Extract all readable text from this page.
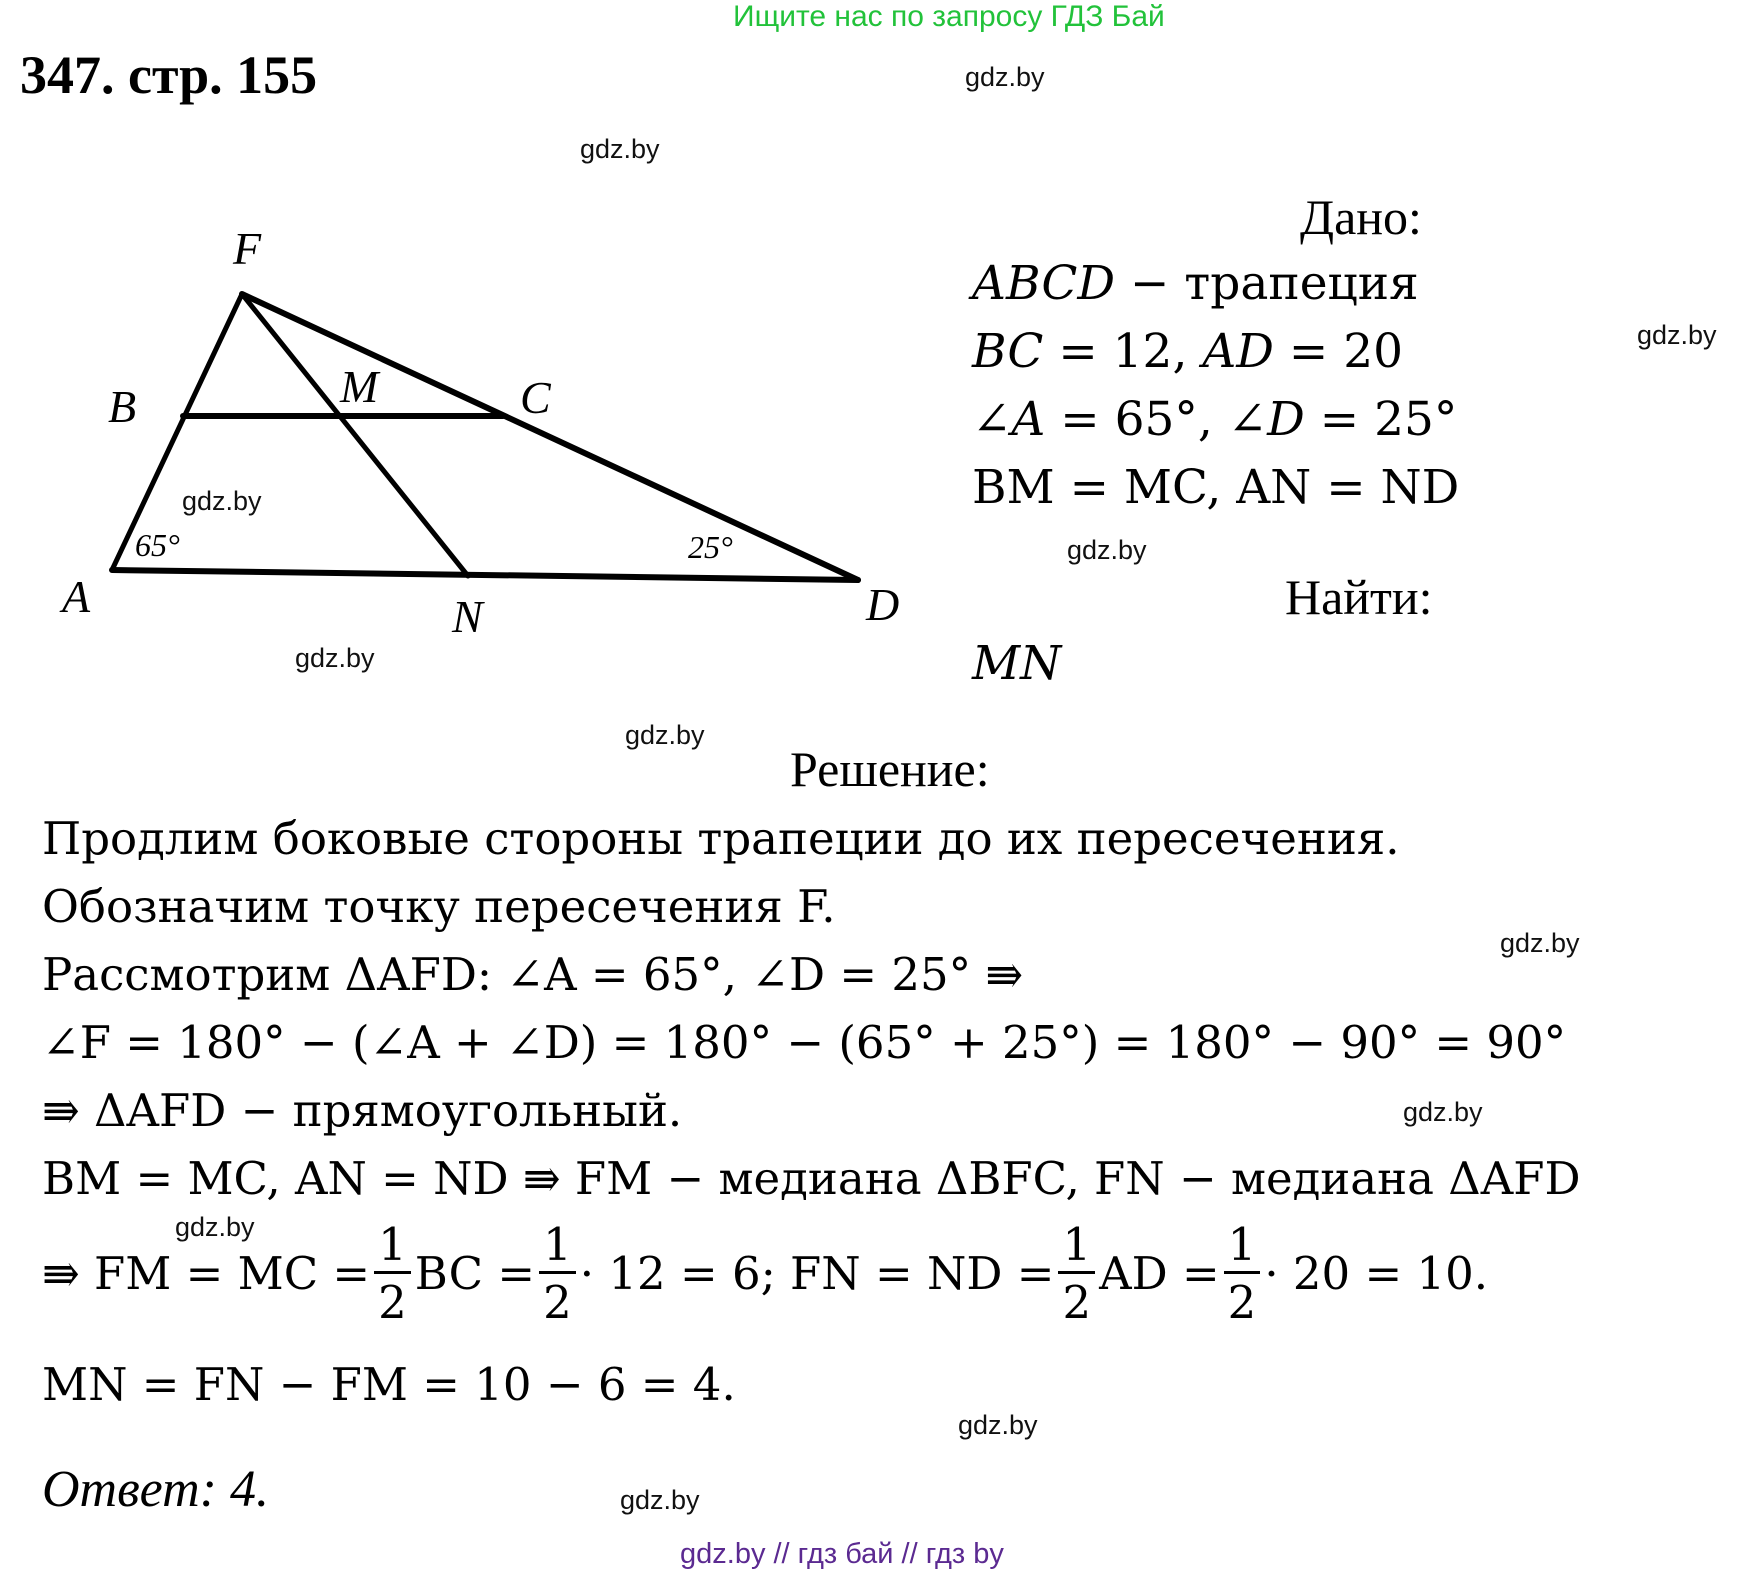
Ищите нас по запросу ГДЗ Бай
347. стр. 155	gdz.by
gdz.by
gdz.by
gdz.by
gdz.by
gdz.by
gdz.by
gdz.by
gdz.by
gdz.by
gdz.by
F
B	M	C
A	N	D
65°	25°
gdz.by
Дано:
ABCD − трапеция
BC = 12, AD = 20
∠A = 65°, ∠D = 25°
BM = MC, AN = ND
Найти:
MN
Решение:
Продлим боковые стороны трапеции до их пересечения.
Обозначим точку пересечения F.
Рассмотрим ΔAFD: ∠A = 65°, ∠D = 25° ⇛
∠F = 180° − (∠A + ∠D) = 180° − (65° + 25°) = 180° − 90° = 90°
⇛ ΔAFD − прямоугольный.
BM = MC, AN = ND ⇛ FM − медиана ΔBFC, FN − медиана ΔAFD
⇛ FM = MC = $\frac{1}{2}$ BC = $\frac{1}{2} \cdot 12 = 6$; FN = ND = $\frac{1}{2}$ AD = $\frac{1}{2} \cdot 20 = 10$.
MN = FN − FM = 10 − 6 = 4.
Ответ: 4.
gdz.by // гдз бай // гдз by
